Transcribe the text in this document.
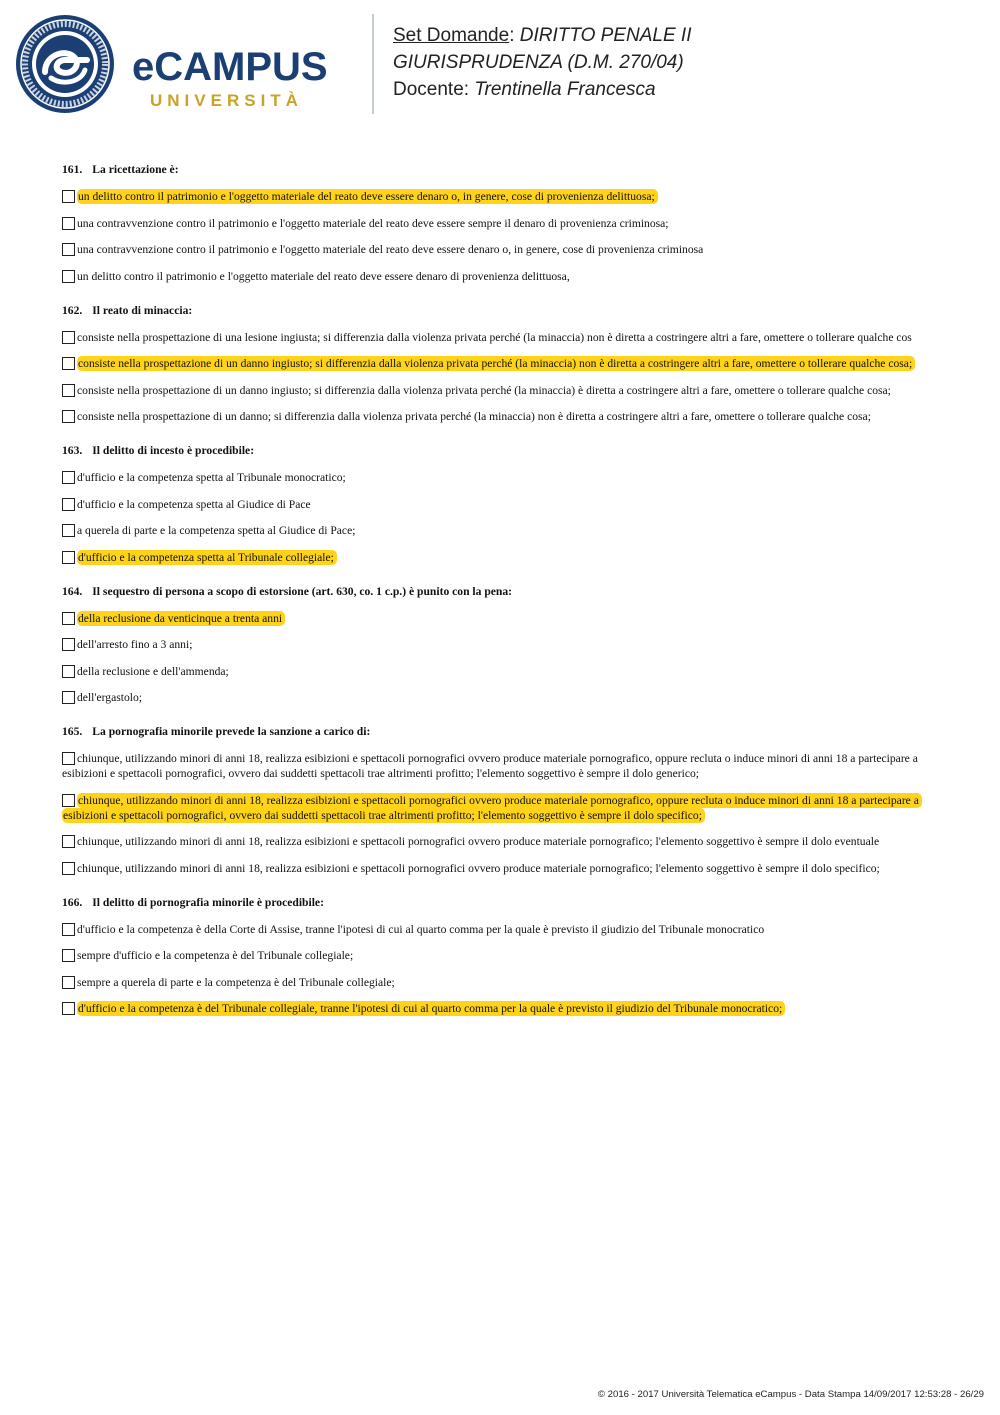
eCAMPUS
UNIVERSITÀ
Set Domande: DIRITTO PENALE II
GIURISPRUDENZA (D.M. 270/04)
Docente: Trentinella Francesca
161. La ricettazione è:
un delitto contro il patrimonio e l'oggetto materiale del reato deve essere denaro o, in genere, cose di provenienza delittuosa;
una contravvenzione contro il patrimonio e l'oggetto materiale del reato deve essere sempre il denaro di provenienza criminosa;
una contravvenzione contro il patrimonio e l'oggetto materiale del reato deve essere denaro o, in genere, cose di provenienza criminosa
un delitto contro il patrimonio e l'oggetto materiale del reato deve essere denaro di provenienza delittuosa,
162. Il reato di minaccia:
consiste nella prospettazione di una lesione ingiusta; si differenzia dalla violenza privata perché (la minaccia) non è diretta a costringere altri a fare, omettere o tollerare qualche cos
consiste nella prospettazione di un danno ingiusto; si differenzia dalla violenza privata perché (la minaccia) non è diretta a costringere altri a fare, omettere o tollerare qualche cosa;
consiste nella prospettazione di un danno ingiusto; si differenzia dalla violenza privata perché (la minaccia) è diretta a costringere altri a fare, omettere o tollerare qualche cosa;
consiste nella prospettazione di un danno; si differenzia dalla violenza privata perché (la minaccia) non è diretta a costringere altri a fare, omettere o tollerare qualche cosa;
163. Il delitto di incesto è procedibile:
d'ufficio e la competenza spetta al Tribunale monocratico;
d'ufficio e la competenza spetta al Giudice di Pace
a querela di parte e la competenza spetta al Giudice di Pace;
d'ufficio e la competenza spetta al Tribunale collegiale;
164. Il sequestro di persona a scopo di estorsione (art. 630, co. 1 c.p.) è punito con la pena:
della reclusione da venticinque a trenta anni
dell'arresto fino a 3 anni;
della reclusione e dell'ammenda;
dell'ergastolo;
165. La pornografia minorile prevede la sanzione a carico di:
chiunque, utilizzando minori di anni 18, realizza esibizioni e spettacoli pornografici ovvero produce materiale pornografico, oppure recluta o induce minori di anni 18 a partecipare a esibizioni e spettacoli pornografici, ovvero dai suddetti spettacoli trae altrimenti profitto; l'elemento soggettivo è sempre il dolo generico;
chiunque, utilizzando minori di anni 18, realizza esibizioni e spettacoli pornografici ovvero produce materiale pornografico, oppure recluta o induce minori di anni 18 a partecipare a esibizioni e spettacoli pornografici, ovvero dai suddetti spettacoli trae altrimenti profitto; l'elemento soggettivo è sempre il dolo specifico;
chiunque, utilizzando minori di anni 18, realizza esibizioni e spettacoli pornografici ovvero produce materiale pornografico; l'elemento soggettivo è sempre il dolo eventuale
chiunque, utilizzando minori di anni 18, realizza esibizioni e spettacoli pornografici ovvero produce materiale pornografico; l'elemento soggettivo è sempre il dolo specifico;
166. Il delitto di pornografia minorile è procedibile:
d'ufficio e la competenza è della Corte di Assise, tranne l'ipotesi di cui al quarto comma per la quale è previsto il giudizio del Tribunale monocratico
sempre d'ufficio e la competenza è del Tribunale collegiale;
sempre a querela di parte e la competenza è del Tribunale collegiale;
d'ufficio e la competenza è del Tribunale collegiale, tranne l'ipotesi di cui al quarto comma per la quale è previsto il giudizio del Tribunale monocratico;
© 2016 - 2017 Università Telematica eCampus - Data Stampa 14/09/2017 12:53:28 - 26/29
